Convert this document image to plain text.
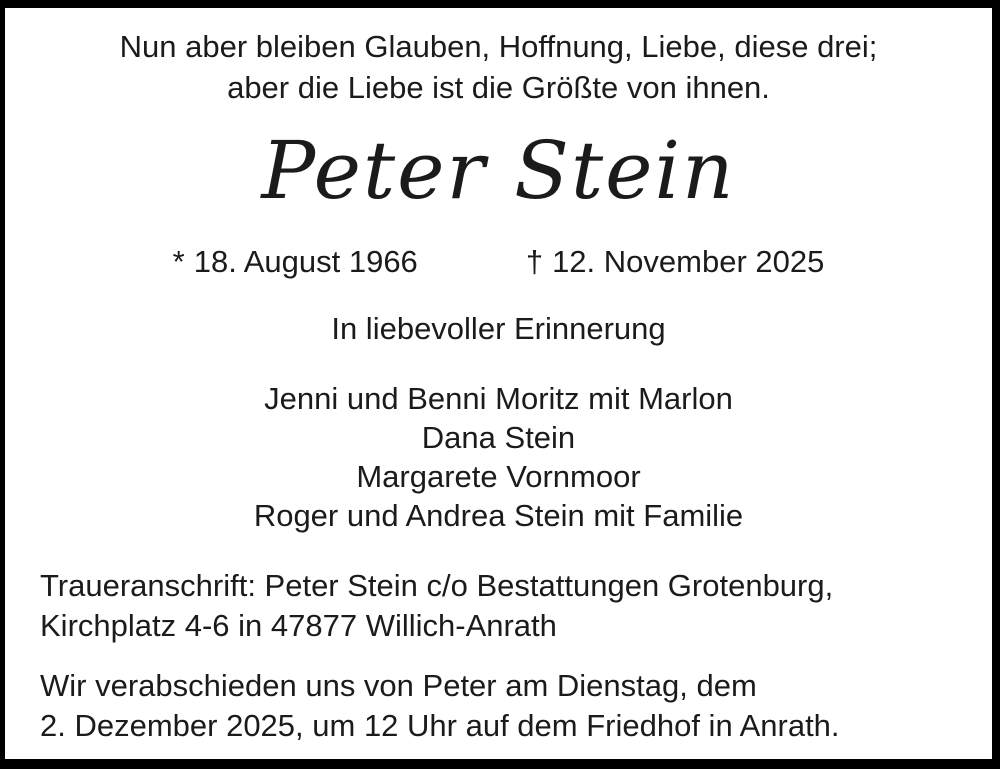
Nun aber bleiben Glauben, Hoffnung, Liebe, diese drei;
aber die Liebe ist die Größte von ihnen.
Peter Stein
* 18. August 1966	† 12. November 2025
In liebevoller Erinnerung

Jenni und Benni Moritz mit Marlon

Dana Stein

Margarete Vornmoor

Roger und Andrea Stein mit Familie

Traueranschrift: Peter Stein c/o Bestattungen Grotenburg,

Kirchplatz 4-6 in 47877 Willich-Anrath

Wir verabschieden uns von Peter am Dienstag, dem

2. Dezember 2025, um 12 Uhr auf dem Friedhof in Anrath.
